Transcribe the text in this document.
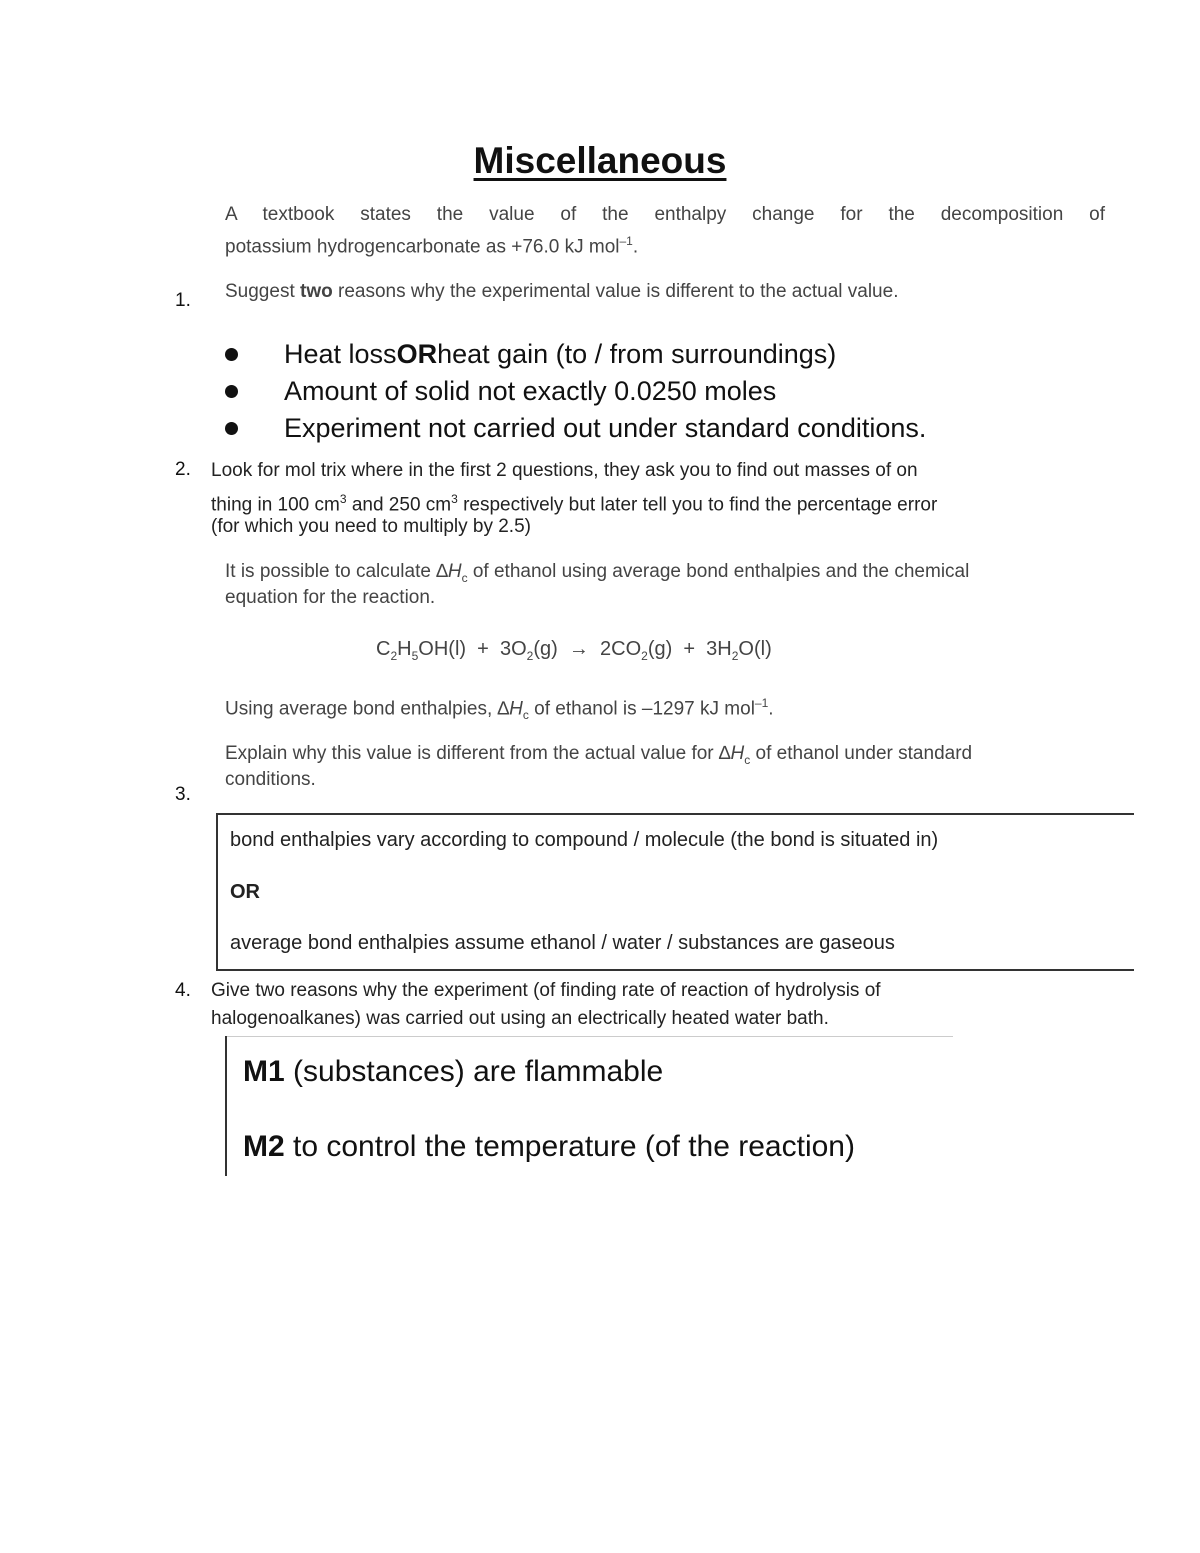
Miscellaneous
A textbook states the value of the enthalpy change for the decomposition of
potassium hydrogencarbonate as +76.0 kJ mol$^{-1}$.
1. Suggest two reasons why the experimental value is different to the actual value.
Heat loss OR heat gain (to / from surroundings)
Amount of solid not exactly 0.0250 moles
Experiment not carried out under standard conditions.
2. Look for mol trix where in the first 2 questions, they ask you to find out masses of on
thing in 100 $cm^3$ and 250 $cm^3$ respectively but later tell you to find the percentage error
(for which you need to multiply by 2.5)
It is possible to calculate $\Delta H_c$ of ethanol using average bond enthalpies and the chemical
equation for the reaction.
$C_2H_5OH(l) + 3O_2(g) \to 2CO_2(g) + 3H_2O(l)$
Using average bond enthalpies, $\Delta H_c$ of ethanol is –1297 kJ mol$^{-1}$.
Explain why this value is different from the actual value for $\Delta H_c$ of ethanol under standard
conditions.
3.
bond enthalpies vary according to compound / molecule (the bond is situated in)
OR
average bond enthalpies assume ethanol / water / substances are gaseous
4. Give two reasons why the experiment (of finding rate of reaction of hydrolysis of
halogenoalkanes) was carried out using an electrically heated water bath.
M1 (substances) are flammable
M2 to control the temperature (of the reaction)
